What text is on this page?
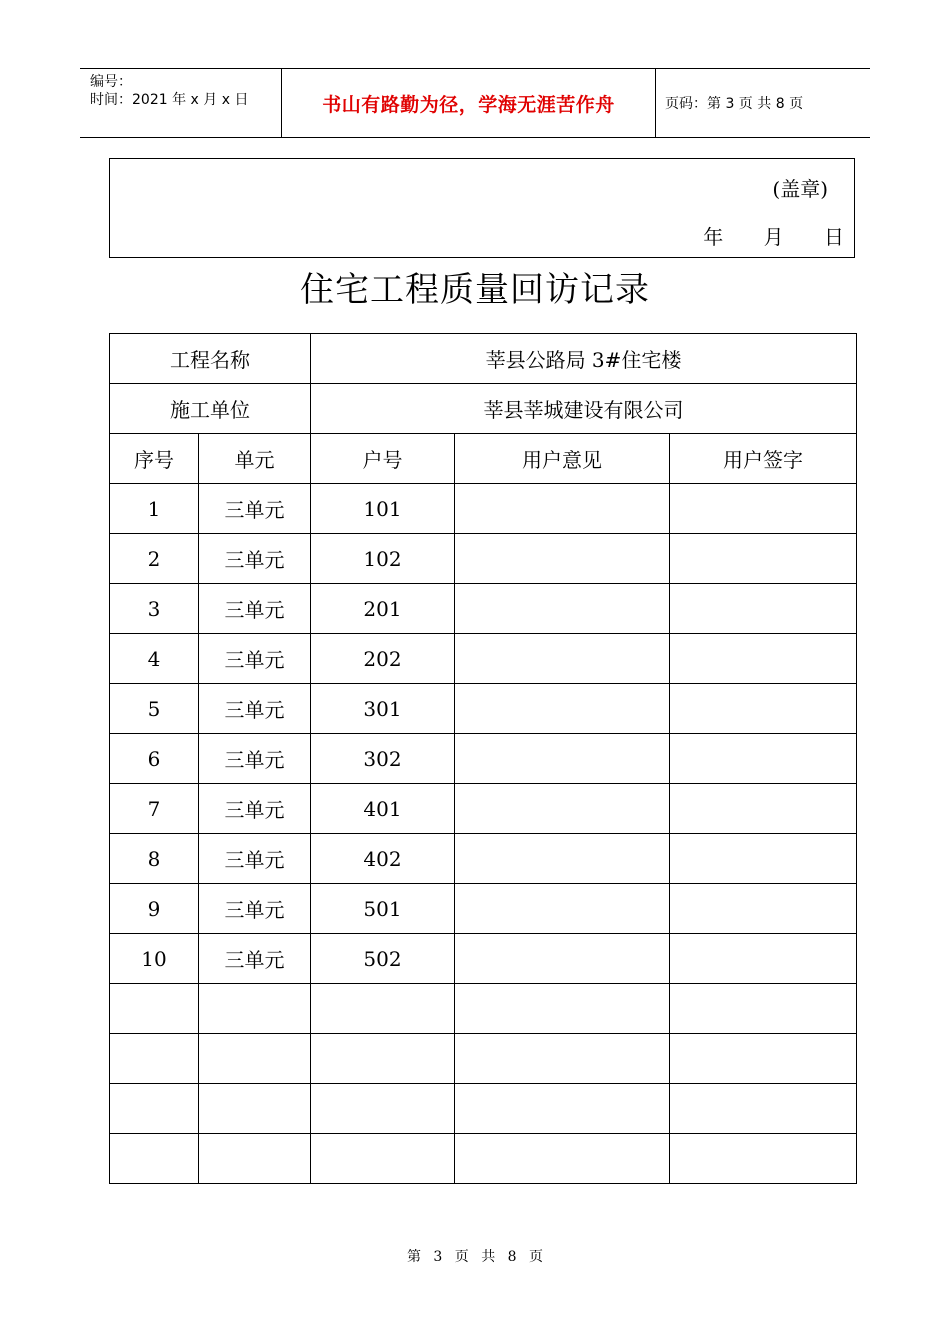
编号：
时间：2021 年 x 月 x 日	书山有路勤为径，学海无涯苦作舟	页码：第 3 页 共 8 页
(盖章)
年 月 日
住宅工程质量回访记录
工程名称		莘县公路局 3#住宅楼		
施工单位		莘县莘城建设有限公司		
序号	单元	户号	用户意见	用户签字
1	三单元	101		
2	三单元	102		
3	三单元	201		
4	三单元	202		
5	三单元	301		
6	三单元	302		
7	三单元	401		
8	三单元	402		
9	三单元	501		
10	三单元	502		

第 3 页 共 8 页
